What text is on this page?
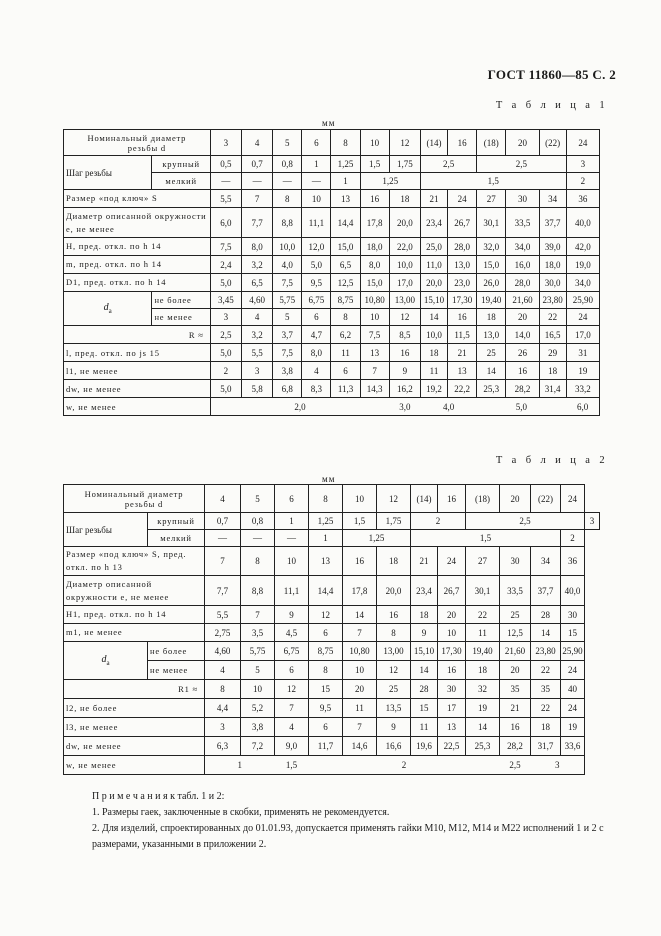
ГОСТ 11860—85 С. 2
Т а б л и ц а 1
мм
Номинальный диаметр
резьбы d		3	4	5	6	8	10	12	(14)	16	(18)	20	(22)	24
Шаг резьбы	крупный	0,5	0,7	0,8	1	1,25	1,5	1,75	2,5		2,5			3
	мелкий	—	—	—	—	1	1,25		1,5					2
Размер «под ключ» S		5,5	7	8	10	13	16	18	21	24	27	30	34	36
Диаметр описанной окружности e, не менее		6,0	7,7	8,8	11,1	14,4	17,8	20,0	23,4	26,7	30,1	33,5	37,7	40,0
H, пред. откл. по h 14		7,5	8,0	10,0	12,0	15,0	18,0	22,0	25,0	28,0	32,0	34,0	39,0	42,0
m, пред. откл. по h 14		2,4	3,2	4,0	5,0	6,5	8,0	10,0	11,0	13,0	15,0	16,0	18,0	19,0
D1, пред. откл. по h 14		5,0	6,5	7,5	9,5	12,5	15,0	17,0	20,0	23,0	26,0	28,0	30,0	34,0
$d_a$	не более	3,45	4,60	5,75	6,75	8,75	10,80	13,00	15,10	17,30	19,40	21,60	23,80	25,90
	не менее	3	4	5	6	8	10	12	14	16	18	20	22	24
R ≈		2,5	3,2	3,7	4,7	6,2	7,5	8,5	10,0	11,5	13,0	14,0	16,5	17,0
l, пред. откл. по js 15		5,0	5,5	7,5	8,0	11	13	16	18	21	25	26	29	31
l1, не менее		2	3	3,8	4	6	7	9	11	13	14	16	18	19
dw, не менее		5,0	5,8	6,8	8,3	11,3	14,3	16,2	19,2	22,2	25,3	28,2	31,4	33,2
w, не менее		2,0						3,0	4,0		5,0			6,0
Т а б л и ц а 2
мм
Номинальный диаметр
резьбы d		4	5	6	8	10	12	(14)	16	(18)	20	(22)	24	
Шаг резьбы	крупный	0,7	0,8	1	1,25	1,5	1,75	2		2,5				3
	мелкий	—	—	—	1	1,25		1,5					2	
Размер «под ключ» S, пред. откл. по h 13		7	8	10	13	16	18	21	24	27	30	34	36	
Диаметр описанной окружности e, не менее		7,7	8,8	11,1	14,4	17,8	20,0	23,4	26,7	30,1	33,5	37,7	40,0	
H1, пред. откл. по h 14		5,5	7	9	12	14	16	18	20	22	25	28	30	
m1, не менее		2,75	3,5	4,5	6	7	8	9	10	11	12,5	14	15	
$d_a$	не более	4,60	5,75	6,75	8,75	10,80	13,00	15,10	17,30	19,40	21,60	23,80	25,90	
	не менее	4	5	6	8	10	12	14	16	18	20	22	24	
R1 ≈		8	10	12	15	20	25	28	30	32	35	35	40	
l2, не более		4,4	5,2	7	9,5	11	13,5	15	17	19	21	22	24	
l3, не менее		3	3,8	4	6	7	9	11	13	14	16	18	19	
dw, не менее		6,3	7,2	9,0	11,7	14,6	16,6	19,6	22,5	25,3	28,2	31,7	33,6	
w, не менее		1		1,5	2						2,5	3		
П р и м е ч а н и я к табл. 1 и 2:
1. Размеры гаек, заключенные в скобки, применять не рекомендуется.
2. Для изделий, спроектированных до 01.01.93, допускается применять гайки М10, М12, М14 и М22 исполнений 1 и 2 с размерами, указанными в приложении 2.
